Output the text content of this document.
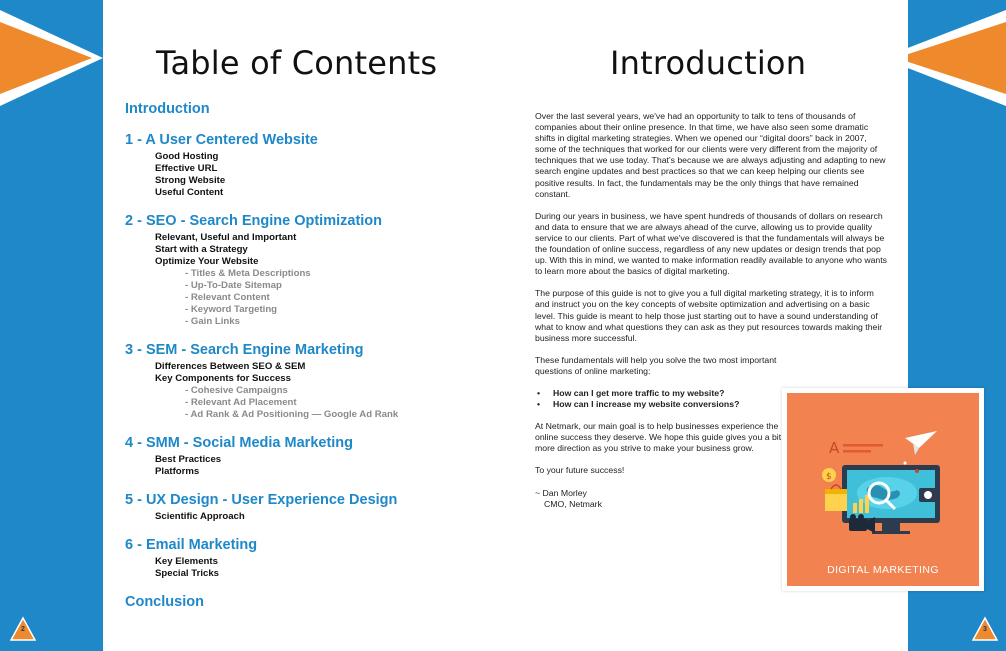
Table of Contents
Introduction
1 - A User Centered Website
Good Hosting
Effective URL
Strong Website
Useful Content
2 - SEO - Search Engine Optimization
Relevant, Useful and Important
Start with a Strategy
Optimize Your Website
- Titles & Meta Descriptions
- Up-To-Date Sitemap
- Relevant Content
- Keyword Targeting
- Gain Links
3 - SEM - Search Engine Marketing
Differences Between SEO & SEM
Key Components for Success
- Cohesive Campaigns
- Relevant Ad Placement
- Ad Rank & Ad Positioning — Google Ad Rank
4 - SMM - Social Media Marketing
Best Practices
Platforms
5 - UX Design - User Experience Design
Scientific Approach
6 - Email Marketing
Key Elements
Special Tricks
Conclusion
Introduction

Over the last several years, we've had an opportunity to talk to tens of thousands of companies about their online presence. In that time, we have also seen some dramatic shifts in digital marketing strategies. When we opened our “digital doors” back in 2007, some of the techniques that worked for our clients were very different from the majority of techniques that we use today. That's because we are always adjusting and adapting to new search engine updates and best practices so that we can keep helping our clients see positive results. In fact, the fundamentals may be the only things that have remained constant.

During our years in business, we have spent hundreds of thousands of dollars on research and data to ensure that we are always ahead of the curve, allowing us to provide quality service to our clients. Part of what we've discovered is that the fundamentals will always be the foundation of online success, regardless of any new updates or design trends that pop up. With this in mind, we wanted to make information readily available to anyone who wants to learn more about the basics of digital marketing.

The purpose of this guide is not to give you a full digital marketing strategy, it is to inform and instruct you on the key concepts of website optimization and advertising on a basic level. This guide is meant to help those just starting out to have a sound understanding of what to know and what questions they can ask as they put resources towards making their business more successful.

These fundamentals will help you solve the two most important questions of online marketing:

• How can I get more traffic to my website?
• How can I increase my website conversions?

At Netmark, our main goal is to help businesses experience the online success they deserve. We hope this guide gives you a bit more direction as you strive to make your business grow.

To your future success!

~ Dan Morley
CMO, Netmark
A
$
DIGITAL MARKETING
2	3
